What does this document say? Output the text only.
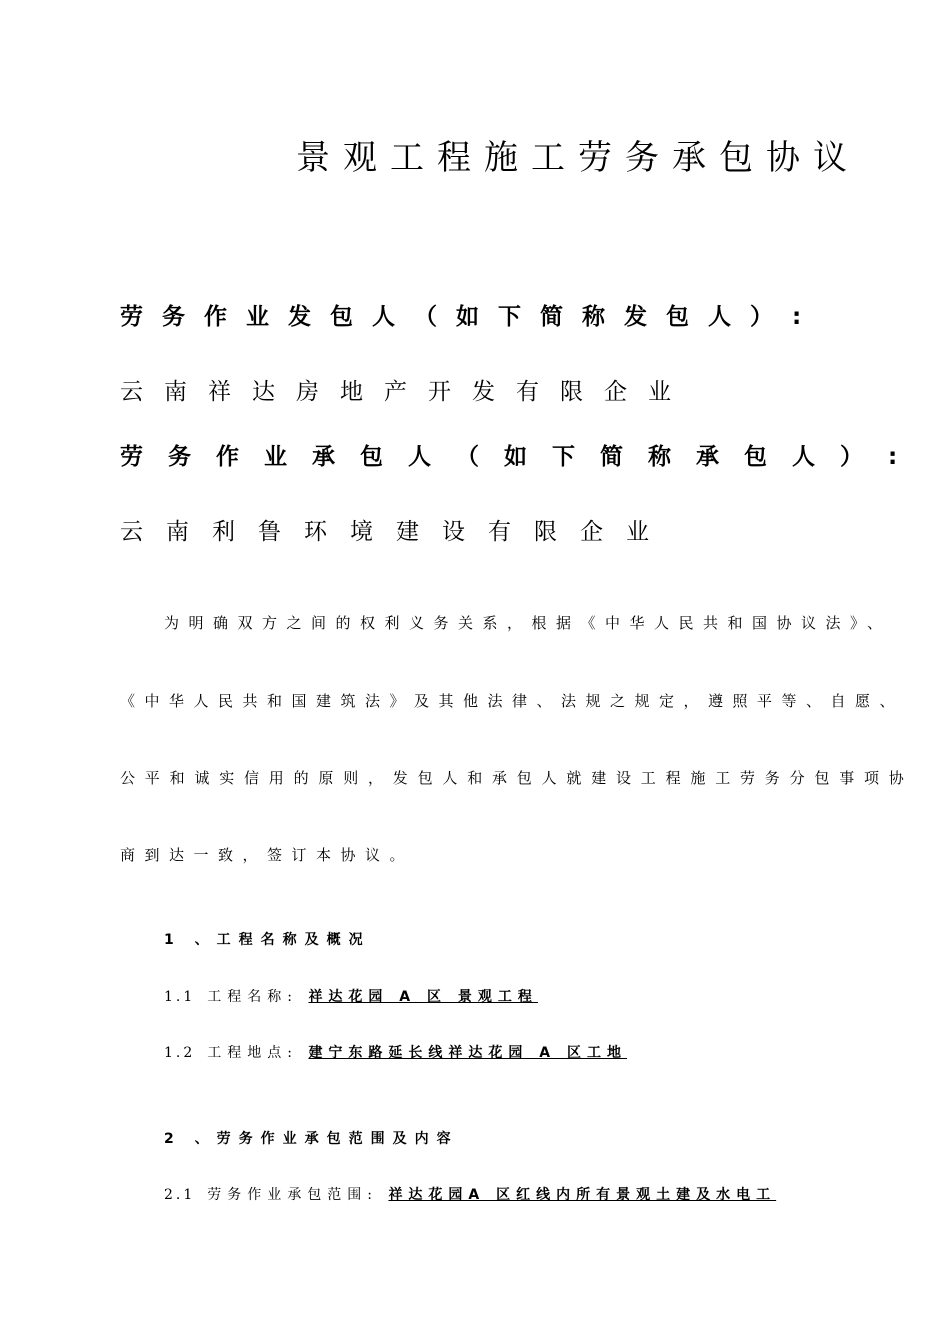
景观工程施工劳务承包协议
劳务作业发包人（如下简称发包人）:
云南祥达房地产开发有限企业
劳务作业承包人（如下简称承包人）:
云南利鲁环境建设有限企业
为明确双方之间的权利义务关系，根据《中华人民共和国协议法》、
《中华人民共和国建筑法》及其他法律、法规之规定，遵照平等、自愿、
公平和诚实信用的原则，发包人和承包人就建设工程施工劳务分包事项协
商到达一致，签订本协议。
1 、工程名称及概况
1.1 工程名称: 祥达花园 A 区 景观工程
1.2 工程地点: 建宁东路延长线祥达花园 A 区工地
2 、劳务作业承包范围及内容
2.1 劳务作业承包范围: 祥达花园A 区红线内所有景观土建及水电工
